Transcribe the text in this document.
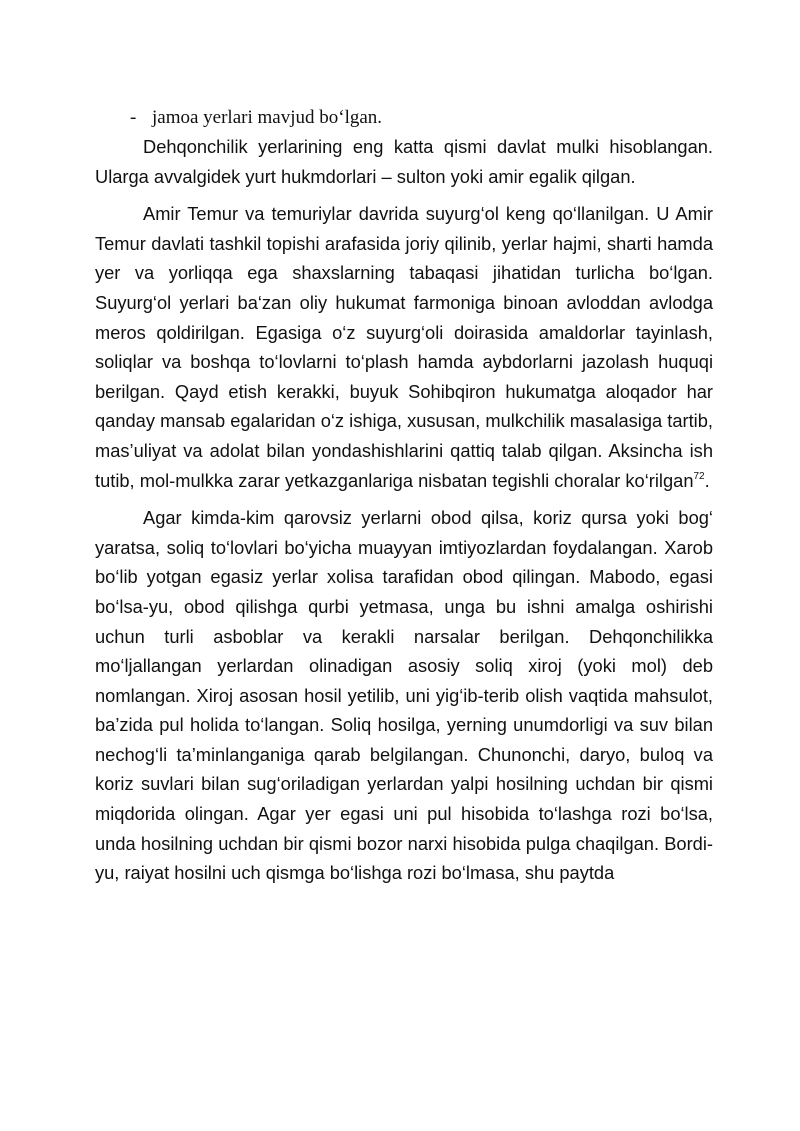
- jamoa yerlari mavjud bo‘lgan.

Dehqonchilik yerlarining eng katta qismi davlat mulki hisoblangan. Ularga avvalgidek yurt hukmdorlari – sulton yoki amir egalik qilgan.

Amir Temur va temuriylar davrida suyurg‘ol keng qo‘llanilgan. U Amir Temur davlati tashkil topishi arafasida joriy qilinib, yerlar hajmi, sharti hamda yer va yorliqqa ega shaxslarning tabaqasi jihatidan turlicha bo‘lgan. Suyurg‘ol yerlari ba‘zan oliy hukumat farmoniga binoan avloddan avlodga meros qoldirilgan. Egasiga o‘z suyurg‘oli doirasida amaldorlar tayinlash, soliqlar va boshqa to‘lovlarni to‘plash hamda aybdorlarni jazolash huquqi berilgan. Qayd etish kerakki, buyuk Sohibqiron hukumatga aloqador har qanday mansab egalaridan o‘z ishiga, xususan, mulkchilik masalasiga tartib, mas’uliyat va adolat bilan yondashishlarini qattiq talab qilgan. Aksincha ish tutib, mol-mulkka zarar yetkazganlariga nisbatan tegishli choralar ko‘rilgan$^{72}$.

Agar kimda-kim qarovsiz yerlarni obod qilsa, koriz qursa yoki bog‘ yaratsa, soliq to‘lovlari bo‘yicha muayyan imtiyozlardan foydalangan. Xarob bo‘lib yotgan egasiz yerlar xolisa tarafidan obod qilingan. Mabodo, egasi bo‘lsa-yu, obod qilishga qurbi yetmasa, unga bu ishni amalga oshirishi uchun turli asboblar va kerakli narsalar berilgan. Dehqonchilikka mo‘ljallangan yerlardan olinadigan asosiy soliq xiroj (yoki mol) deb nomlangan. Xiroj asosan hosil yetilib, uni yig‘ib-terib olish vaqtida mahsulot, ba’zida pul holida to‘langan. Soliq hosilga, yerning unumdorligi va suv bilan nechog‘li ta’minlanganiga qarab belgilangan. Chunonchi, daryo, buloq va koriz suvlari bilan sug‘oriladigan yerlardan yalpi hosilning uchdan bir qismi miqdorida olingan. Agar yer egasi uni pul hisobida to‘lashga rozi bo‘lsa, unda hosilning uchdan bir qismi bozor narxi hisobida pulga chaqilgan. Bordi-yu, raiyat hosilni uch qismga bo‘lishga rozi bo‘lmasa, shu paytda
